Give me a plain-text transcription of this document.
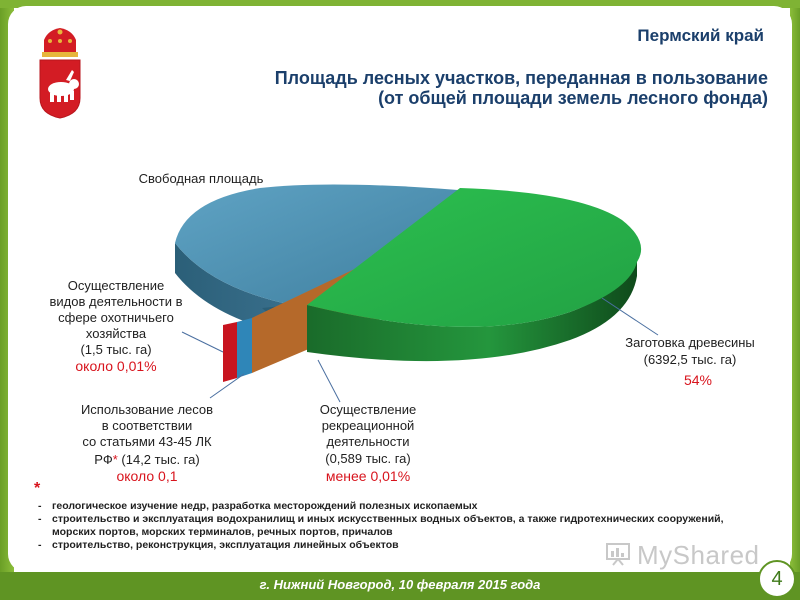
Пермский край
Площадь лесных участков, переданная в пользование
(от общей площади земель лесного фонда)
Свободная площадь
Заготовка древесины
(6392,5 тыс. га)
54%
Осуществление
видов деятельности в
сфере охотничьего
хозяйства
(1,5 тыс. га)
около 0,01%
Использование лесов
в соответствии
со статьями 43-45 ЛК
РФ* (14,2 тыс. га)
около 0,1
Осуществление
рекреационной
деятельности
(0,589 тыс. га)
менее 0,01%
*
- геологическое изучение недр, разработка месторождений полезных ископаемых
- строительство и эксплуатация водохранилищ и иных искусственных водных объектов, а также гидротехнических сооружений, морских портов, морских терминалов, речных портов, причалов
- строительство, реконструкция, эксплуатация линейных объектов	MyShared
г. Нижний Новгород, 10 февраля 2015 года	4
